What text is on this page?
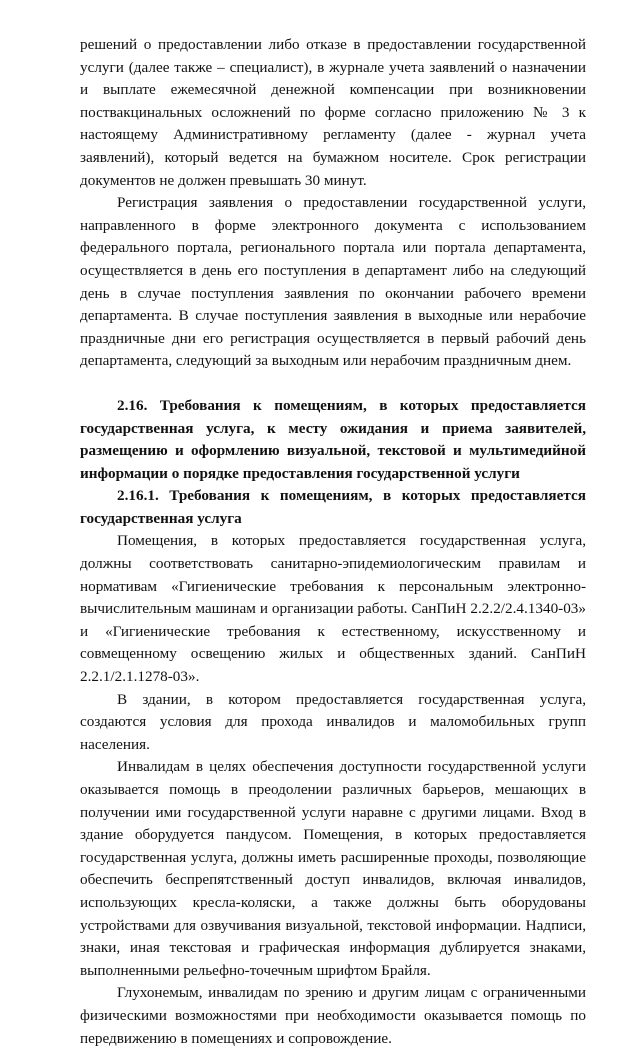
решений о предоставлении либо отказе в предоставлении государственной услуги (далее также – специалист), в журнале учета заявлений о назначении и выплате ежемесячной денежной компенсации при возникновении поствакцинальных осложнений по форме согласно приложению № 3 к настоящему Административному регламенту (далее - журнал учета заявлений), который ведется на бумажном носителе. Срок регистрации документов не должен превышать 30 минут.

Регистрация заявления о предоставлении государственной услуги, направленного в форме электронного документа с использованием федерального портала, регионального портала или портала департамента, осуществляется в день его поступления в департамент либо на следующий день в случае поступления заявления по окончании рабочего времени департамента. В случае поступления заявления в выходные или нерабочие праздничные дни его регистрация осуществляется в первый рабочий день департамента, следующий за выходным или нерабочим праздничным днем.

2.16. Требования к помещениям, в которых предоставляется государственная услуга, к месту ожидания и приема заявителей, размещению и оформлению визуальной, текстовой и мультимедийной информации о порядке предоставления государственной услуги
2.16.1. Требования к помещениям, в которых предоставляется государственная услуга

Помещения, в которых предоставляется государственная услуга, должны соответствовать санитарно-эпидемиологическим правилам и нормативам «Гигиенические требования к персональным электронно-вычислительным машинам и организации работы. СанПиН 2.2.2/2.4.1340-03» и «Гигиенические требования к естественному, искусственному и совмещенному освещению жилых и общественных зданий. СанПиН 2.2.1/2.1.1278-03».

В здании, в котором предоставляется государственная услуга, создаются условия для прохода инвалидов и маломобильных групп населения.

Инвалидам в целях обеспечения доступности государственной услуги оказывается помощь в преодолении различных барьеров, мешающих в получении ими государственной услуги наравне с другими лицами. Вход в здание оборудуется пандусом. Помещения, в которых предоставляется государственная услуга, должны иметь расширенные проходы, позволяющие обеспечить беспрепятственный доступ инвалидов, включая инвалидов, использующих кресла-коляски, а также должны быть оборудованы устройствами для озвучивания визуальной, текстовой информации. Надписи, знаки, иная текстовая и графическая информация дублируется знаками, выполненными рельефно-точечным шрифтом Брайля.

Глухонемым, инвалидам по зрению и другим лицам с ограниченными физическими возможностями при необходимости оказывается помощь по передвижению в помещениях и сопровождение.
